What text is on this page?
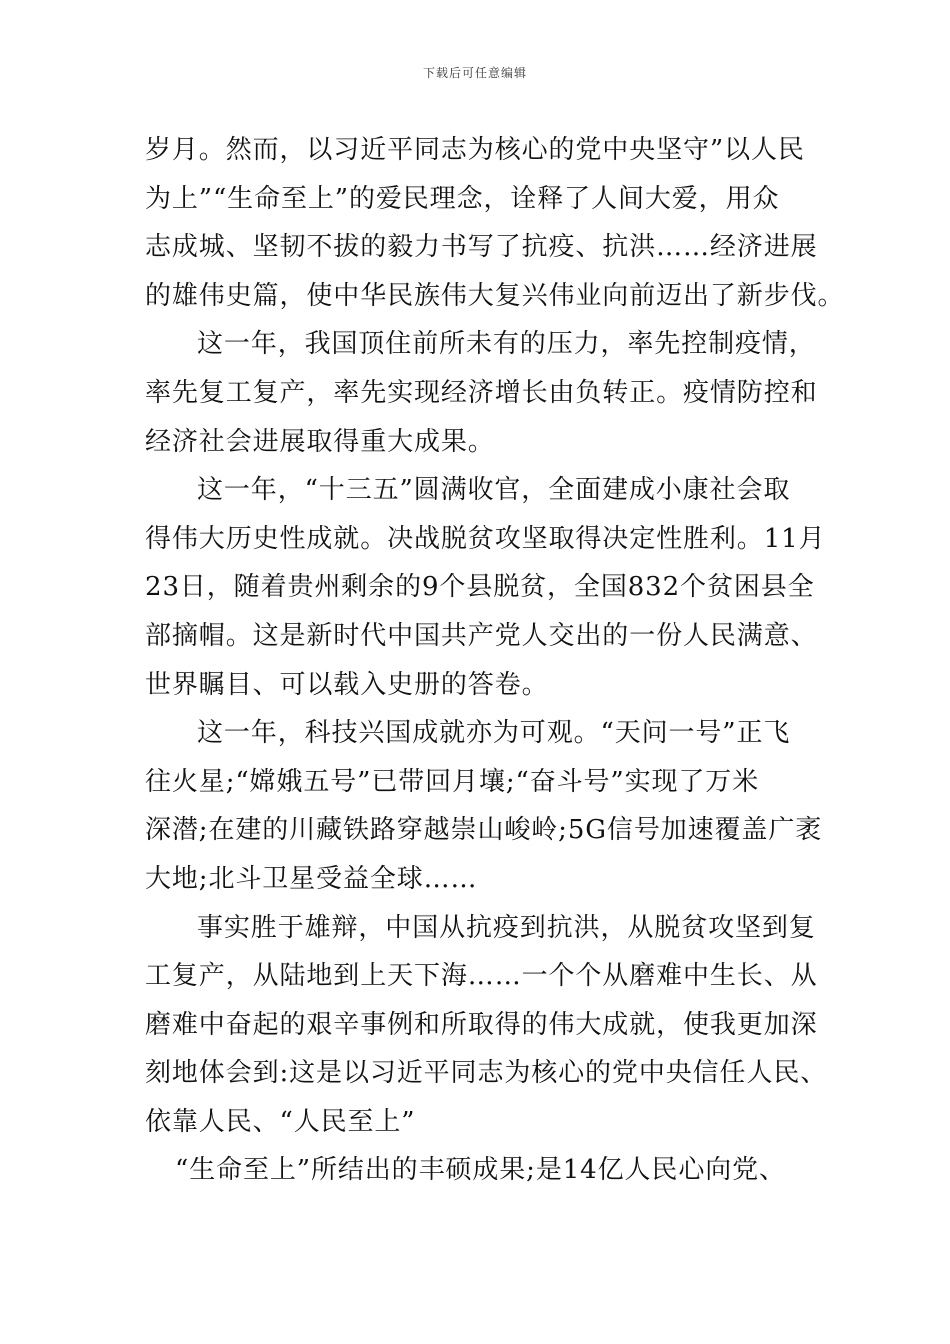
下载后可任意编辑
岁月。然而，以习近平同志为核心的党中央坚守”以人民
为上”“生命至上”的爱民理念，诠释了人间大爱，用众
志成城、坚韧不拔的毅力书写了抗疫、抗洪……经济进展
的雄伟史篇，使中华民族伟大复兴伟业向前迈出了新步伐。
这一年，我国顶住前所未有的压力，率先控制疫情，
率先复工复产，率先实现经济增长由负转正。疫情防控和
经济社会进展取得重大成果。
这一年，“十三五”圆满收官，全面建成小康社会取
得伟大历史性成就。决战脱贫攻坚取得决定性胜利。11月
23日，随着贵州剩余的9个县脱贫，全国832个贫困县全
部摘帽。这是新时代中国共产党人交出的一份人民满意、
世界瞩目、可以载入史册的答卷。
这一年，科技兴国成就亦为可观。“天问一号”正飞
往火星;“嫦娥五号”已带回月壤;“奋斗号”实现了万米
深潜;在建的川藏铁路穿越崇山峻岭;5G信号加速覆盖广袤
大地;北斗卫星受益全球……
事实胜于雄辩，中国从抗疫到抗洪，从脱贫攻坚到复
工复产，从陆地到上天下海……一个个从磨难中生长、从
磨难中奋起的艰辛事例和所取得的伟大成就，使我更加深
刻地体会到:这是以习近平同志为核心的党中央信任人民、
依靠人民、“人民至上”
“生命至上”所结出的丰硕成果;是14亿人民心向党、
